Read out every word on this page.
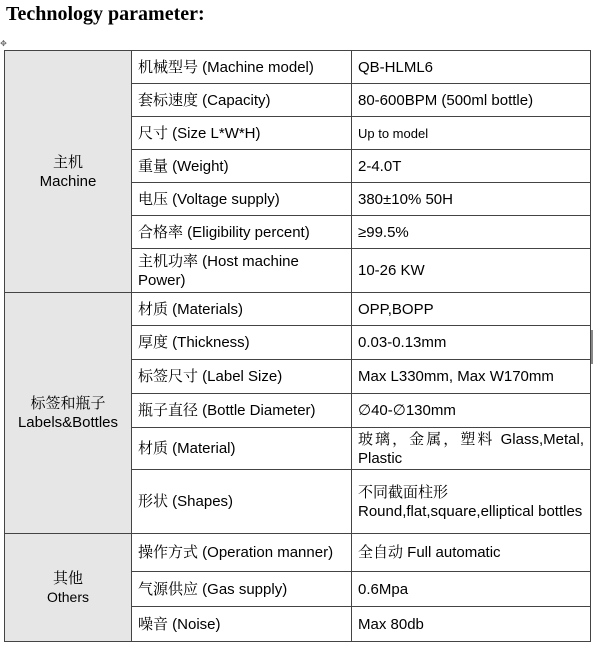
Technology parameter:
✥
主机
Machine	机械型号 (Machine model)	QB-HLML6
	套标速度 (Capacity)	80-600BPM (500ml bottle)
	尺寸 (Size L*W*H)	Up to model
	重量 (Weight)	2-4.0T
	电压 (Voltage supply)	380±10% 50H
	合格率 (Eligibility percent)	≥99.5%
	主机功率 (Host machine Power)	10-26 KW

标签和瓶子
Labels&Bottles	材质 (Materials)	OPP,BOPP
	厚度 (Thickness)	0.03-0.13mm
	标签尺寸 (Label Size)	Max L330mm, Max W170mm
	瓶子直径 (Bottle Diameter)	∅40-∅130mm
	材质 (Material)	玻璃，金属，塑料 Glass,Metal, Plastic
	形状 (Shapes)	不同截面柱形 Round,flat,square,elliptical bottles

其他
Others	操作方式 (Operation manner)	全自动 Full automatic
	气源供应 (Gas supply)	0.6Mpa
	噪音 (Noise)	Max 80db
